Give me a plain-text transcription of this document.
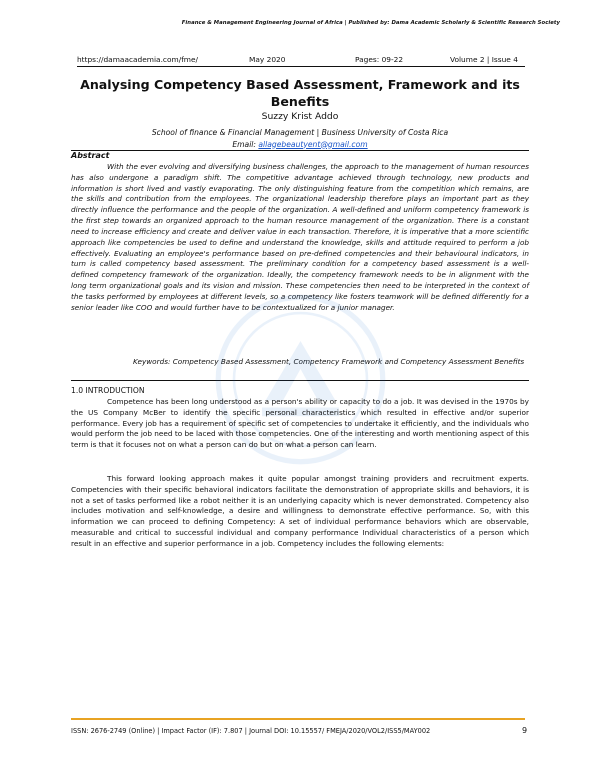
Finance & Management Engineering Journal of Africa | Published by: Dama Academic Scholarly & Scientific Research Society
https://damaacademia.com/fme/	May 2020	Pages: 09-22	Volume 2 | Issue 4
Analysing Competency Based Assessment, Framework and its Benefits
Suzzy Krist Addo
School of finance & Financial Management | Business University of Costa Rica
Email: allagebeautyent@gmail.com
Abstract

With the ever evolving and diversifying business challenges, the approach to the management of human resources has also undergone a paradigm shift. The competitive advantage achieved through technology, new products and information is short lived and vastly evaporating. The only distinguishing feature from the competition which remains, are the skills and contribution from the employees. The organizational leadership therefore plays an important part as they directly influence the performance and the people of the organization. A well-defined and uniform competency framework is the first step towards an organized approach to the human resource management of the organization. There is a constant need to increase efficiency and create and deliver value in each transaction. Therefore, it is imperative that a more scientific approach like competencies be used to define and understand the knowledge, skills and attitude required to perform a job effectively. Evaluating an employee's performance based on pre-defined competencies and their behavioural indicators, in turn is called competency based assessment. The preliminary condition for a competency based assessment is a well-defined competency framework of the organization. Ideally, the competency framework needs to be in alignment with the long term organizational goals and its vision and mission. These competencies then need to be interpreted in the context of the tasks performed by employees at different levels, so a competency like fosters teamwork will be defined differently for a senior leader like COO and would further have to be contextualized for a junior manager.

Keywords: Competency Based Assessment, Competency Framework and Competency Assessment Benefits

1.0 INTRODUCTION

Competence has been long understood as a person's ability or capacity to do a job. It was devised in the 1970s by the US Company McBer to identify the specific personal characteristics which resulted in effective and/or superior performance. Every job has a requirement of specific set of competencies to undertake it efficiently, and the individuals who would perform the job need to be laced with those competencies. One of the interesting and worth mentioning aspect of this term is that it focuses not on what a person can do but on what a person can learn.

This forward looking approach makes it quite popular amongst training providers and recruitment experts. Competencies with their specific behavioral indicators facilitate the demonstration of appropriate skills and behaviors, it is not a set of tasks performed like a robot neither it is an underlying capacity which is never demonstrated. Competency also includes motivation and self-knowledge, a desire and willingness to demonstrate effective performance. So, with this information we can proceed to defining Competency: A set of individual performance behaviors which are observable, measurable and critical to successful individual and company performance Individual characteristics of a person which result in an effective and superior performance in a job. Competency includes the following elements:

ISSN: 2676-2749 (Online) | Impact Factor (IF): 7.807 | Journal DOI: 10.15557/ FMEJA/2020/VOL2/ISS5/MAY002	9
